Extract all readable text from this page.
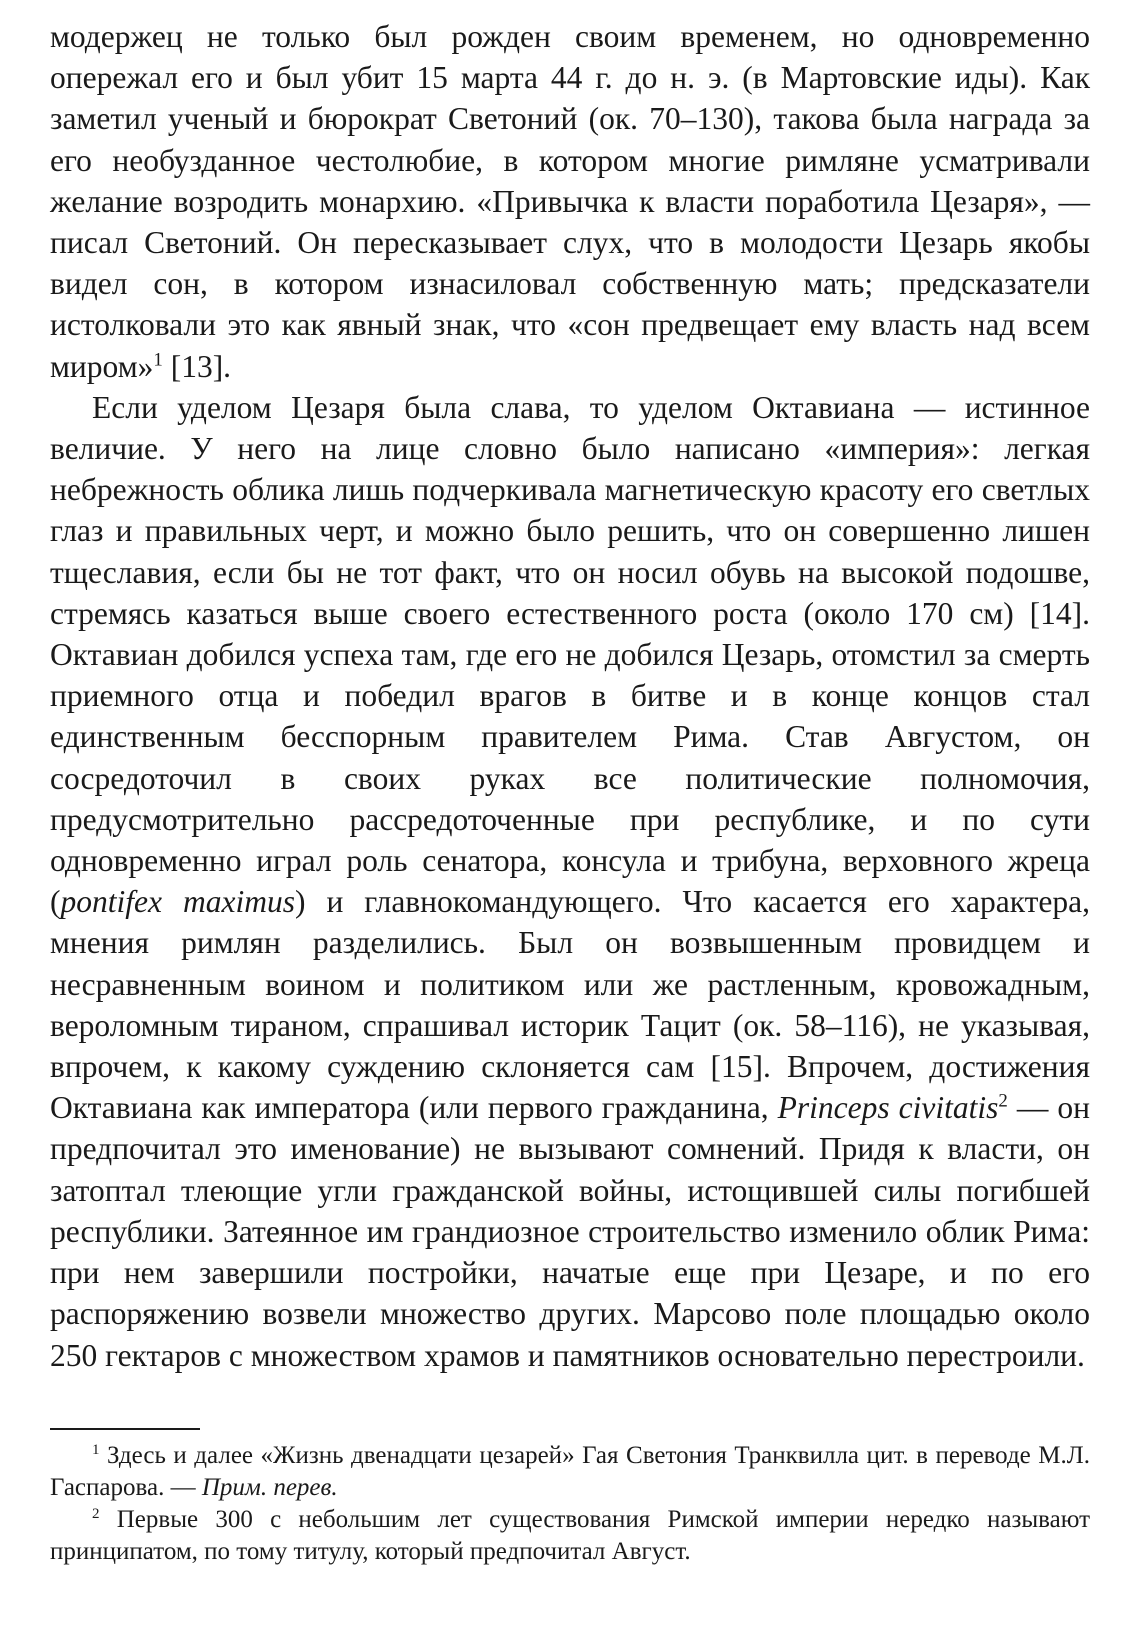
модержец не только был рожден своим временем, но одновременно опережал его и был убит 15 марта 44 г. до н. э. (в Мартовские иды). Как заметил ученый и бюрократ Светоний (ок. 70–130), такова была награда за его необузданное честолюбие, в котором многие римляне усматривали желание возродить монархию. «Привычка к власти поработила Цезаря», — писал Светоний. Он пересказывает слух, что в молодости Цезарь якобы видел сон, в котором изнасиловал собственную мать; предсказатели истолковали это как явный знак, что «сон предвещает ему власть над всем миром»$^1$ [13].

Если уделом Цезаря была слава, то уделом Октавиана — истинное величие. У него на лице словно было написано «империя»: легкая небрежность облика лишь подчеркивала магнетическую красоту его светлых глаз и правильных черт, и можно было решить, что он совершенно лишен тщеславия, если бы не тот факт, что он носил обувь на высокой подошве, стремясь казаться выше своего естественного роста (около 170 см) [14]. Октавиан добился успеха там, где его не добился Цезарь, отомстил за смерть приемного отца и победил врагов в битве и в конце концов стал единственным бесспорным правителем Рима. Став Августом, он сосредоточил в своих руках все политические полномочия, предусмотрительно рассредоточенные при республике, и по сути одновременно играл роль сенатора, консула и трибуна, верховного жреца (pontifex maximus) и главнокомандующего. Что касается его характера, мнения римлян разделились. Был он возвышенным провидцем и несравненным воином и политиком или же растленным, кровожадным, вероломным тираном, спрашивал историк Тацит (ок. 58–116), не указывая, впрочем, к какому суждению склоняется сам [15]. Впрочем, достижения Октавиана как императора (или первого гражданина, Princeps civitatis$^2$ — он предпочитал это именование) не вызывают сомнений. Придя к власти, он затоптал тлеющие угли гражданской войны, истощившей силы погибшей республики. Затеянное им грандиозное строительство изменило облик Рима: при нем завершили постройки, начатые еще при Цезаре, и по его распоряжению возвели множество других. Марсово поле площадью около 250 гектаров с множеством храмов и памятников основательно перестроили.

$^1$ Здесь и далее «Жизнь двенадцати цезарей» Гая Светония Транквилла цит. в переводе М.Л. Гаспарова. — Прим. перев.

$^2$ Первые 300 с небольшим лет существования Римской империи нередко называют принципатом, по тому титулу, который предпочитал Август.
